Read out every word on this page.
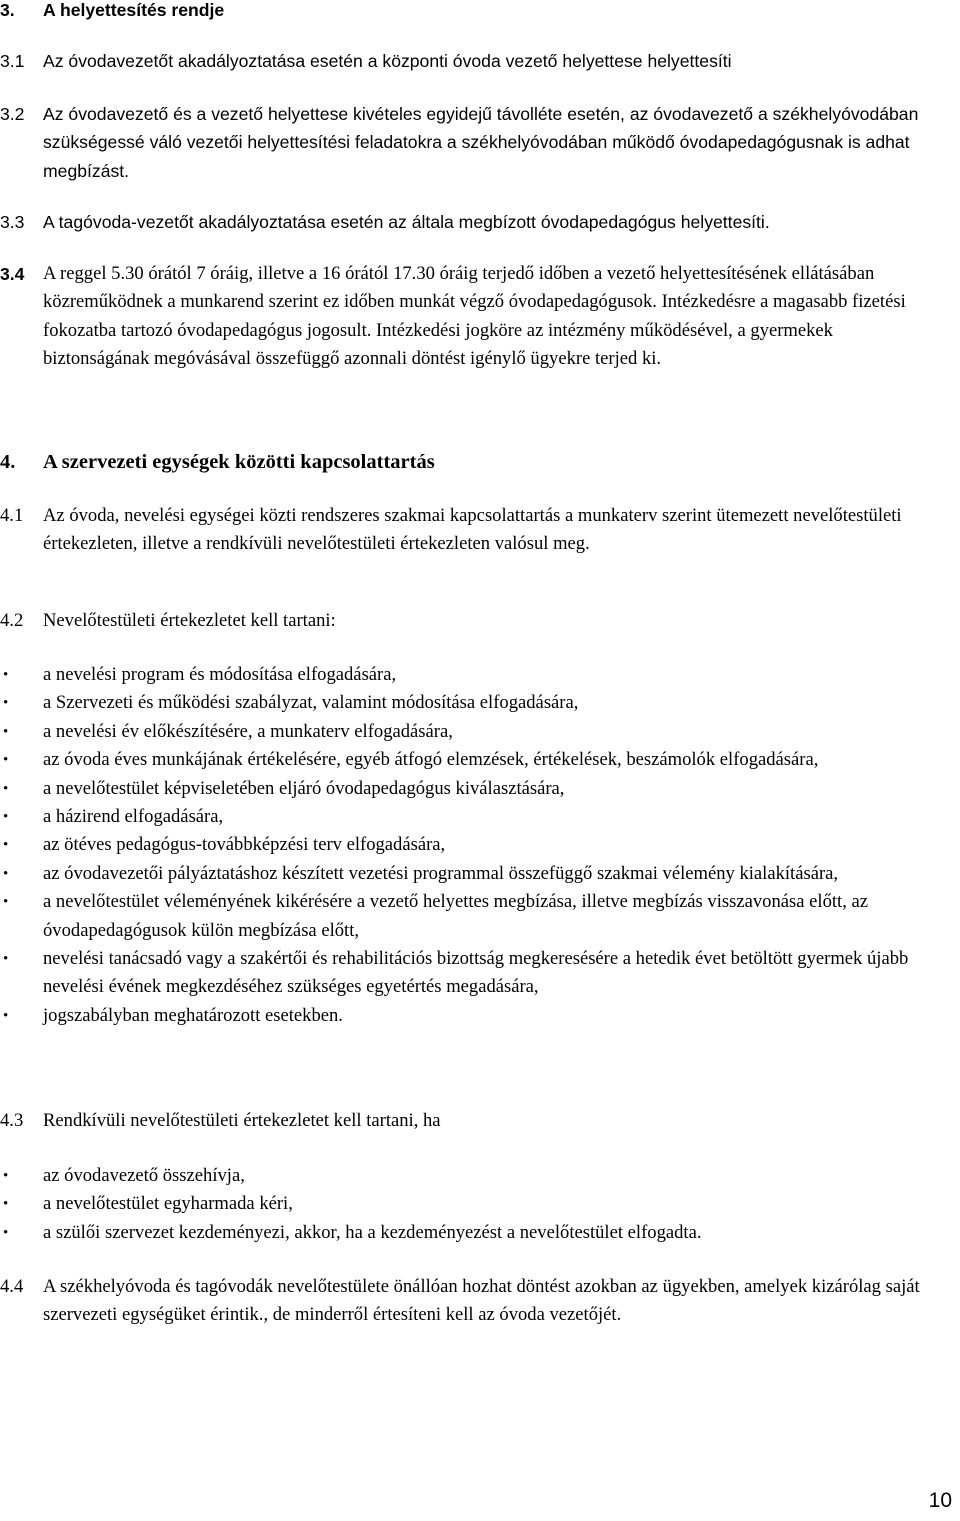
3. A helyettesítés rendje
3.1 Az óvodavezetőt akadályoztatása esetén a központi óvoda vezető helyettese helyettesíti
3.2 Az óvodavezető és a vezető helyettese kivételes egyidejű távolléte esetén, az óvodavezető a székhelyóvodában szükségessé váló vezetői helyettesítési feladatokra a székhelyóvodában működő óvodapedagógusnak is adhat megbízást.
3.3 A tagóvoda-vezetőt akadályoztatása esetén az általa megbízott óvodapedagógus helyettesíti.
3.4 A reggel 5.30 órától 7 óráig, illetve a 16 órától 17.30 óráig terjedő időben a vezető helyettesítésének ellátásában közreműködnek a munkarend szerint ez időben munkát végző óvodapedagógusok. Intézkedésre a magasabb fizetési fokozatba tartozó óvodapedagógus jogosult. Intézkedési jogköre az intézmény működésével, a gyermekek biztonságának megóvásával összefüggő azonnali döntést igénylő ügyekre terjed ki.
4. A szervezeti egységek közötti kapcsolattartás
4.1 Az óvoda, nevelési egységei közti rendszeres szakmai kapcsolattartás a munkaterv szerint ütemezett nevelőtestületi értekezleten, illetve a rendkívüli nevelőtestületi értekezleten valósul meg.
4.2 Nevelőtestületi értekezletet kell tartani:
• a nevelési program és módosítása elfogadására,
• a Szervezeti és működési szabályzat, valamint módosítása elfogadására,
• a nevelési év előkészítésére, a munkaterv elfogadására,
• az óvoda éves munkájának értékelésére, egyéb átfogó elemzések, értékelések, beszámolók elfogadására,
• a nevelőtestület képviseletében eljáró óvodapedagógus kiválasztására,
• a házirend elfogadására,
• az ötéves pedagógus-továbbképzési terv elfogadására,
• az óvodavezetői pályáztatáshoz készített vezetési programmal összefüggő szakmai vélemény kialakítására,
• a nevelőtestület véleményének kikérésére a vezető helyettes megbízása, illetve megbízás visszavonása előtt, az óvodapedagógusok külön megbízása előtt,
• nevelési tanácsadó vagy a szakértői és rehabilitációs bizottság megkeresésére a hetedik évet betöltött gyermek újabb nevelési évének megkezdéséhez szükséges egyetértés megadására,
• jogszabályban meghatározott esetekben.
4.3 Rendkívüli nevelőtestületi értekezletet kell tartani, ha
• az óvodavezető összehívja,
• a nevelőtestület egyharmada kéri,
• a szülői szervezet kezdeményezi, akkor, ha a kezdeményezést a nevelőtestület elfogadta.
4.4 A székhelyóvoda és tagóvodák nevelőtestülete önállóan hozhat döntést azokban az ügyekben, amelyek kizárólag saját szervezeti egységüket érintik., de minderről értesíteni kell az óvoda vezetőjét.
10
